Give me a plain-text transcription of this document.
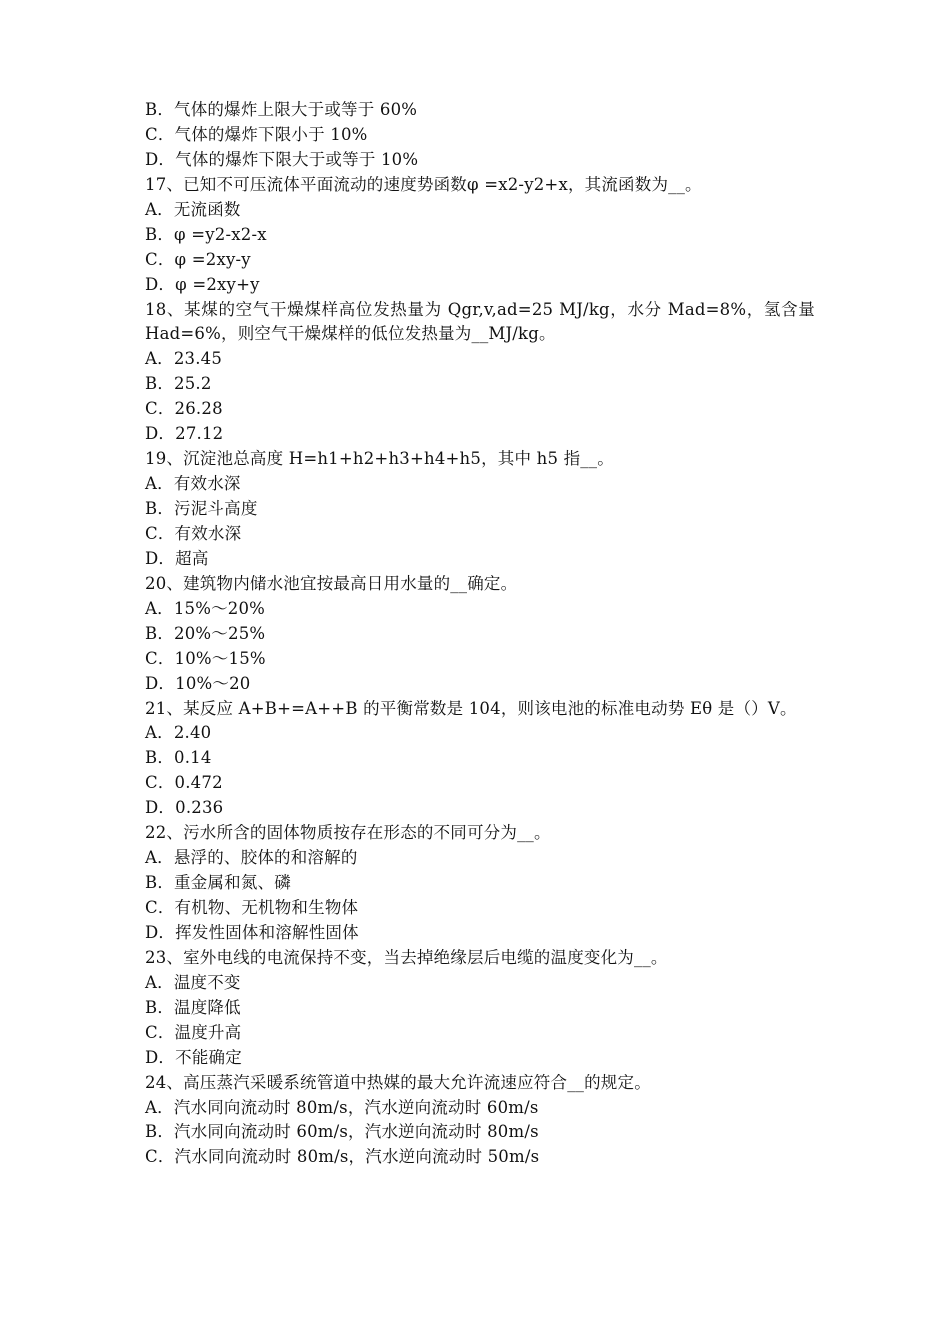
B．气体的爆炸上限大于或等于 60%
C．气体的爆炸下限小于 10%
D．气体的爆炸下限大于或等于 10%
17、已知不可压流体平面流动的速度势函数φ =x2-y2+x，其流函数为__。
A．无流函数
B．φ =y2-x2-x
C．φ =2xy-y
D．φ =2xy+y
18、某煤的空气干燥煤样高位发热量为 Qgr,v,ad=25 MJ/kg，水分 Mad=8%，氢含量 Had=6%，则空气干燥煤样的低位发热量为__MJ/kg。
A．23.45
B．25.2
C．26.28
D．27.12
19、沉淀池总高度 H=h1+h2+h3+h4+h5，其中 h5 指__。
A．有效水深
B．污泥斗高度
C．有效水深
D．超高
20、建筑物内储水池宜按最高日用水量的__确定。
A．15%～20%
B．20%～25%
C．10%～15%
D．10%～20
21、某反应 A+B+=A++B 的平衡常数是 104，则该电池的标准电动势 Eθ 是（）V。
A．2.40
B．0.14
C．0.472
D．0.236
22、污水所含的固体物质按存在形态的不同可分为__。
A．悬浮的、胶体的和溶解的
B．重金属和氮、磷
C．有机物、无机物和生物体
D．挥发性固体和溶解性固体
23、室外电线的电流保持不变，当去掉绝缘层后电缆的温度变化为__。
A．温度不变
B．温度降低
C．温度升高
D．不能确定
24、高压蒸汽采暖系统管道中热媒的最大允许流速应符合__的规定。
A．汽水同向流动时 80m/s，汽水逆向流动时 60m/s
B．汽水同向流动时 60m/s，汽水逆向流动时 80m/s
C．汽水同向流动时 80m/s，汽水逆向流动时 50m/s
